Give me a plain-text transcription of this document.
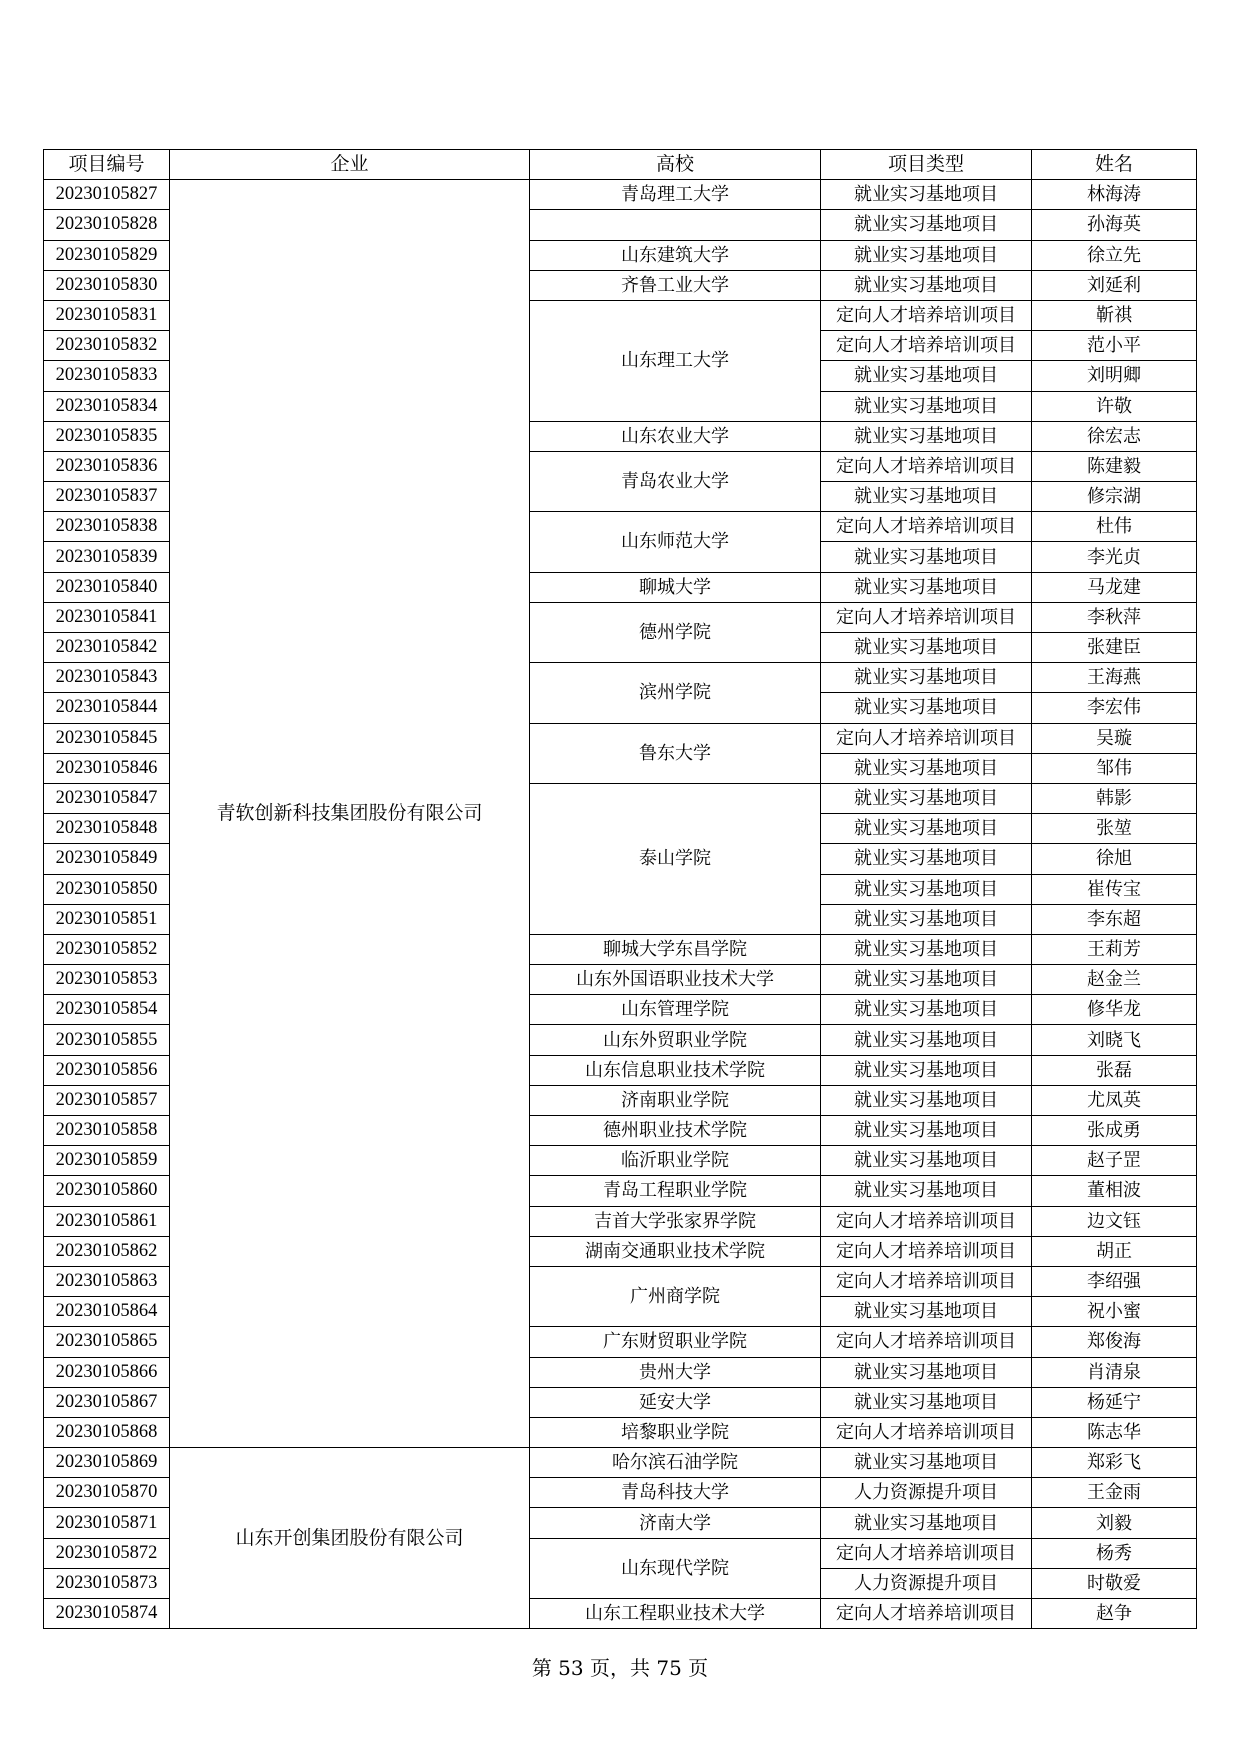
项目编号	企业	高校	项目类型	姓名
20230105827	青软创新科技集团股份有限公司	青岛理工大学	就业实习基地项目	林海涛
20230105828			就业实习基地项目	孙海英
20230105829		山东建筑大学	就业实习基地项目	徐立先
20230105830		齐鲁工业大学	就业实习基地项目	刘延利
20230105831		山东理工大学	定向人才培养培训项目	靳祺
20230105832			定向人才培养培训项目	范小平
20230105833			就业实习基地项目	刘明卿
20230105834			就业实习基地项目	许敬
20230105835		山东农业大学	就业实习基地项目	徐宏志
20230105836		青岛农业大学	定向人才培养培训项目	陈建毅
20230105837			就业实习基地项目	修宗湖
20230105838		山东师范大学	定向人才培养培训项目	杜伟
20230105839			就业实习基地项目	李光贞
20230105840		聊城大学	就业实习基地项目	马龙建
20230105841		德州学院	定向人才培养培训项目	李秋萍
20230105842			就业实习基地项目	张建臣
20230105843		滨州学院	就业实习基地项目	王海燕
20230105844			就业实习基地项目	李宏伟
20230105845		鲁东大学	定向人才培养培训项目	吴璇
20230105846			就业实习基地项目	邹伟
20230105847		泰山学院	就业实习基地项目	韩影
20230105848			就业实习基地项目	张堃
20230105849			就业实习基地项目	徐旭
20230105850			就业实习基地项目	崔传宝
20230105851			就业实习基地项目	李东超
20230105852		聊城大学东昌学院	就业实习基地项目	王莉芳
20230105853		山东外国语职业技术大学	就业实习基地项目	赵金兰
20230105854		山东管理学院	就业实习基地项目	修华龙
20230105855		山东外贸职业学院	就业实习基地项目	刘晓飞
20230105856		山东信息职业技术学院	就业实习基地项目	张磊
20230105857		济南职业学院	就业实习基地项目	尤凤英
20230105858		德州职业技术学院	就业实习基地项目	张成勇
20230105859		临沂职业学院	就业实习基地项目	赵子罡
20230105860		青岛工程职业学院	就业实习基地项目	董相波
20230105861		吉首大学张家界学院	定向人才培养培训项目	边文钰
20230105862		湖南交通职业技术学院	定向人才培养培训项目	胡正
20230105863		广州商学院	定向人才培养培训项目	李绍强
20230105864			就业实习基地项目	祝小蜜
20230105865		广东财贸职业学院	定向人才培养培训项目	郑俊海
20230105866		贵州大学	就业实习基地项目	肖清泉
20230105867		延安大学	就业实习基地项目	杨延宁
20230105868		培黎职业学院	定向人才培养培训项目	陈志华
20230105869	山东开创集团股份有限公司	哈尔滨石油学院	就业实习基地项目	郑彩飞
20230105870		青岛科技大学	人力资源提升项目	王金雨
20230105871		济南大学	就业实习基地项目	刘毅
20230105872		山东现代学院	定向人才培养培训项目	杨秀
20230105873			人力资源提升项目	时敬爱
20230105874		山东工程职业技术大学	定向人才培养培训项目	赵争
第 53 页，共 75 页
